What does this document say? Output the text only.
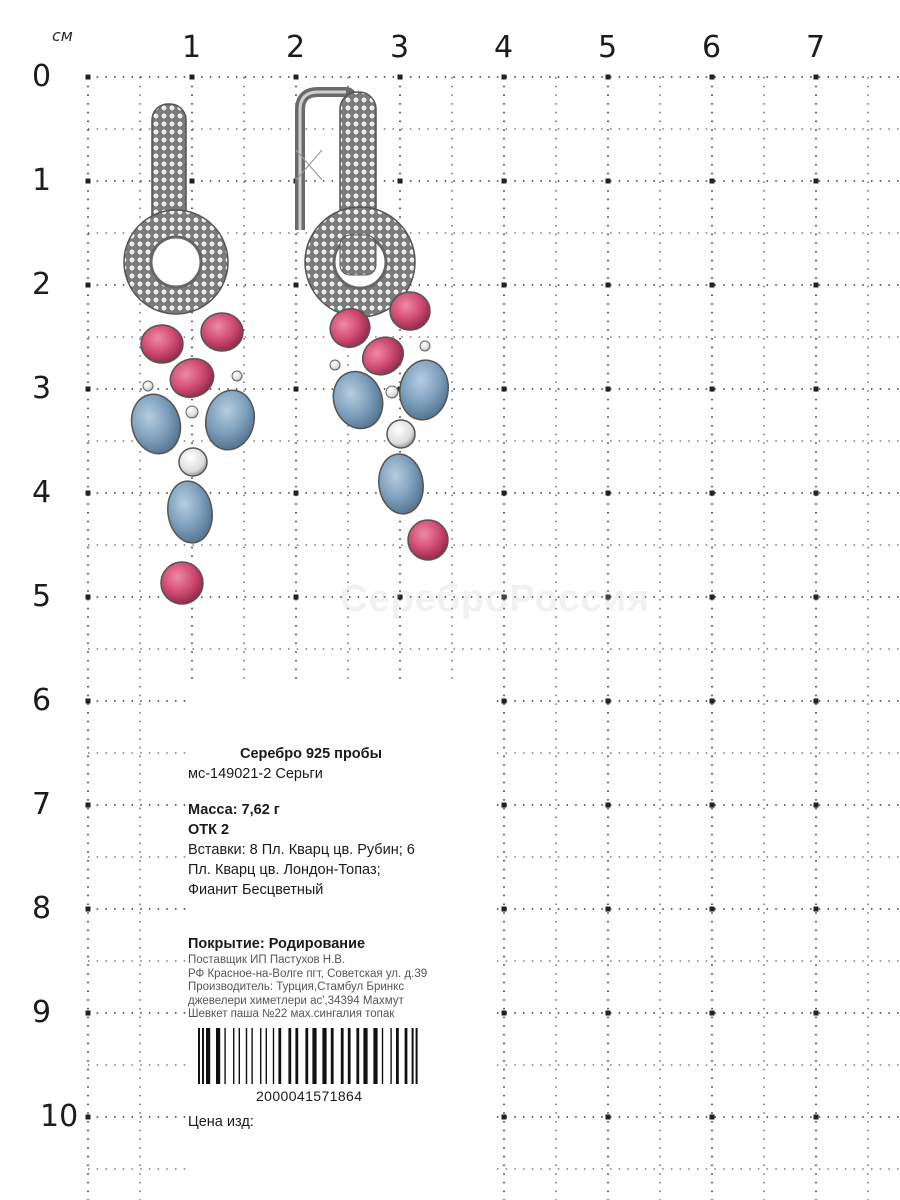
см	1	2	3	4	5	6	7
0
1
2
3
4
5
6
7
8
9
10
СереброРоссия
Серебро 925 пробы
мс-149021-2 Серьги
Масса: 7,62 г
ОТК 2
Вставки: 8 Пл. Кварц цв. Рубин; 6
Пл. Кварц цв. Лондон-Топаз;
Фианит Бесцветный
Покрытие: Родирование
Поставщик ИП Пастухов Н.В.
РФ Красное-на-Волге пгт, Советская ул. д.39
Производитель: Турция,Стамбул Бринкс
джевелери химетлери ас',34394 Махмут
Шевкет паша №22 мах.сингалия топак
2000041571864
Цена изд:
